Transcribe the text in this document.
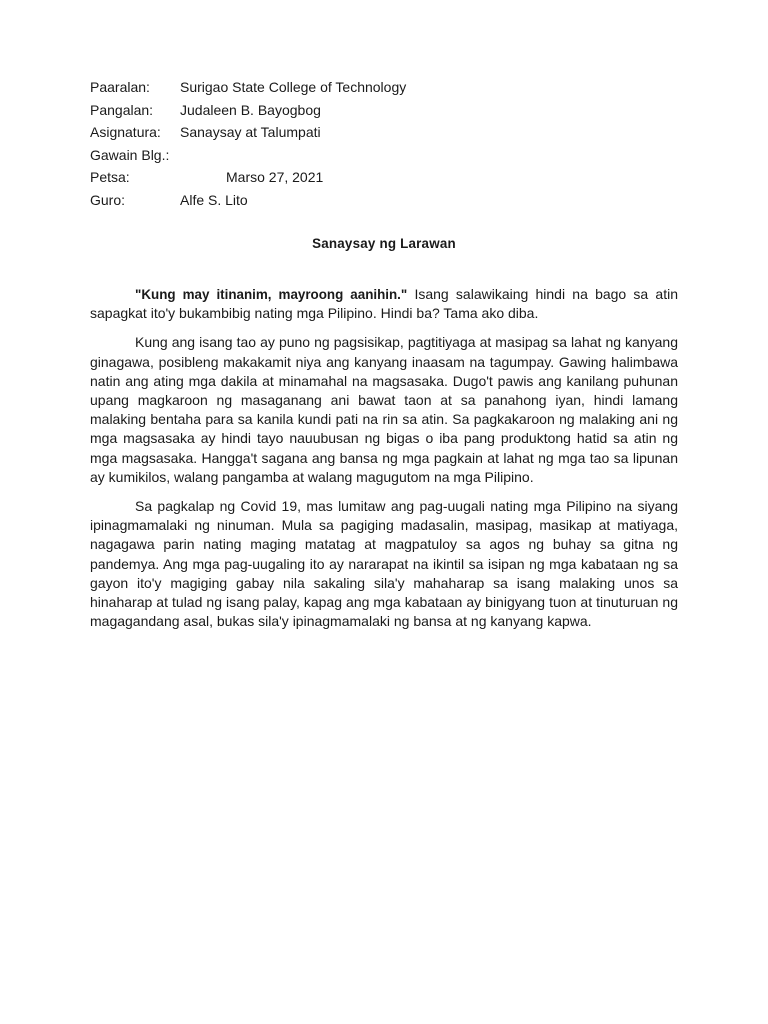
Paaralan: Surigao State College of Technology
Pangalan: Judaleen B. Bayogbog
Asignatura: Sanaysay at Talumpati
Gawain Blg.:
Petsa:	Marso 27, 2021
Guro:	Alfe S. Lito
Sanaysay ng Larawan

"Kung may itinanim, mayroong aanihin." Isang salawikaing hindi na bago sa atin sapagkat ito'y bukambibig nating mga Pilipino. Hindi ba? Tama ako diba.

Kung ang isang tao ay puno ng pagsisikap, pagtitiyaga at masipag sa lahat ng kanyang ginagawa, posibleng makakamit niya ang kanyang inaasam na tagumpay. Gawing halimbawa natin ang ating mga dakila at minamahal na magsasaka. Dugo't pawis ang kanilang puhunan upang magkaroon ng masaganang ani bawat taon at sa panahong iyan, hindi lamang malaking bentaha para sa kanila kundi pati na rin sa atin. Sa pagkakaroon ng malaking ani ng mga magsasaka ay hindi tayo nauubusan ng bigas o iba pang produktong hatid sa atin ng mga magsasaka. Hangga't sagana ang bansa ng mga pagkain at lahat ng mga tao sa lipunan ay kumikilos, walang pangamba at walang magugutom na mga Pilipino.

Sa pagkalap ng Covid 19, mas lumitaw ang pag-uugali nating mga Pilipino na siyang ipinagmamalaki ng ninuman. Mula sa pagiging madasalin, masipag, masikap at matiyaga, nagagawa parin nating maging matatag at magpatuloy sa agos ng buhay sa gitna ng pandemya. Ang mga pag-uugaling ito ay nararapat na ikintil sa isipan ng mga kabataan ng sa gayon ito'y magiging gabay nila sakaling sila'y mahaharap sa isang malaking unos sa hinaharap at tulad ng isang palay, kapag ang mga kabataan ay binigyang tuon at tinuturuan ng magagandang asal, bukas sila'y ipinagmamalaki ng bansa at ng kanyang kapwa.
